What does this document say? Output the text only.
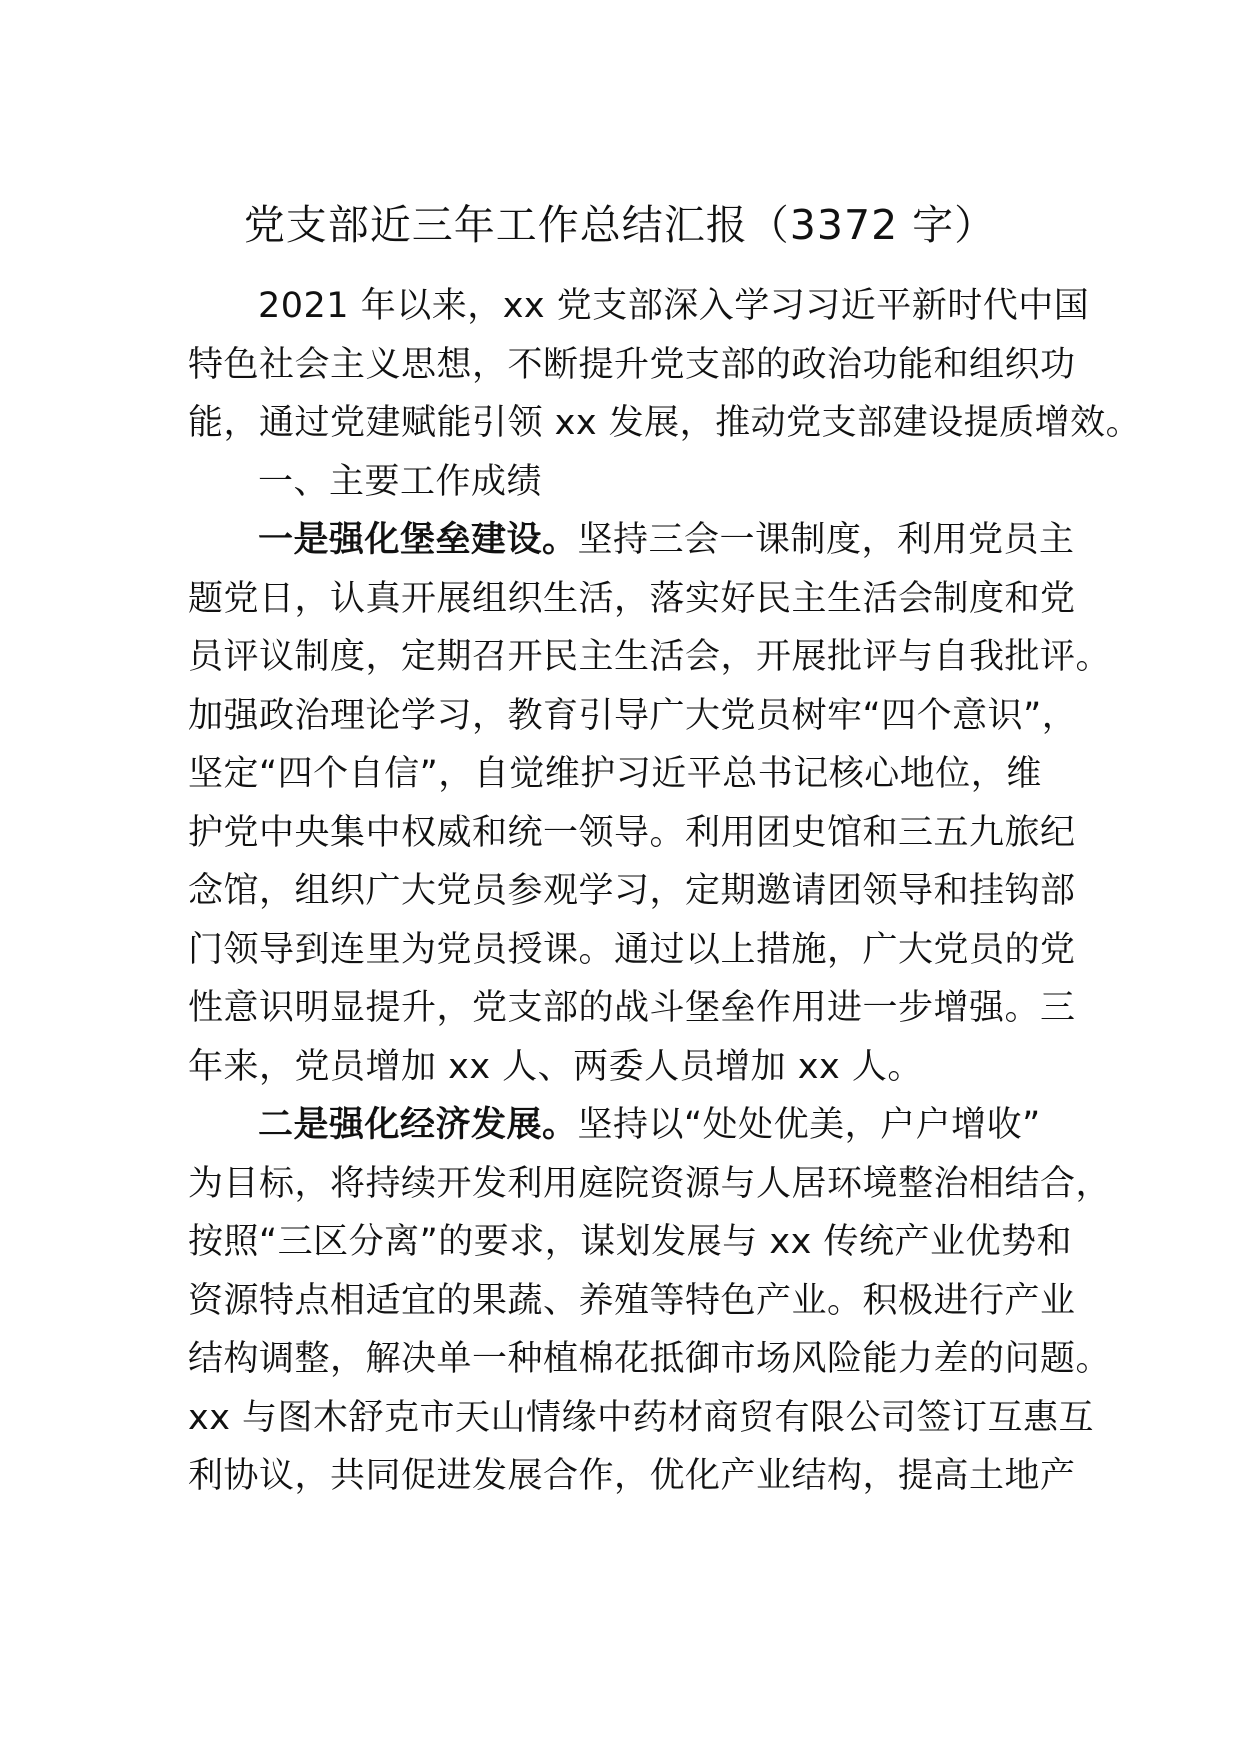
党支部近三年工作总结汇报（3372 字）
2021 年以来，xx 党支部深入学习习近平新时代中国
特色社会主义思想，不断提升党支部的政治功能和组织功
能，通过党建赋能引领 xx 发展，推动党支部建设提质增效。
一、主要工作成绩
一是强化堡垒建设。坚持三会一课制度，利用党员主
题党日，认真开展组织生活，落实好民主生活会制度和党
员评议制度，定期召开民主生活会，开展批评与自我批评。
加强政治理论学习，教育引导广大党员树牢“四个意识”，
坚定“四个自信”，自觉维护习近平总书记核心地位，维
护党中央集中权威和统一领导。利用团史馆和三五九旅纪
念馆，组织广大党员参观学习，定期邀请团领导和挂钩部
门领导到连里为党员授课。通过以上措施，广大党员的党
性意识明显提升，党支部的战斗堡垒作用进一步增强。三
年来，党员增加 xx 人、两委人员增加 xx 人。
二是强化经济发展。坚持以“处处优美，户户增收”
为目标，将持续开发利用庭院资源与人居环境整治相结合，
按照“三区分离”的要求，谋划发展与 xx 传统产业优势和
资源特点相适宜的果蔬、养殖等特色产业。积极进行产业
结构调整，解决单一种植棉花抵御市场风险能力差的问题。
xx 与图木舒克市天山情缘中药材商贸有限公司签订互惠互
利协议，共同促进发展合作，优化产业结构，提高土地产
